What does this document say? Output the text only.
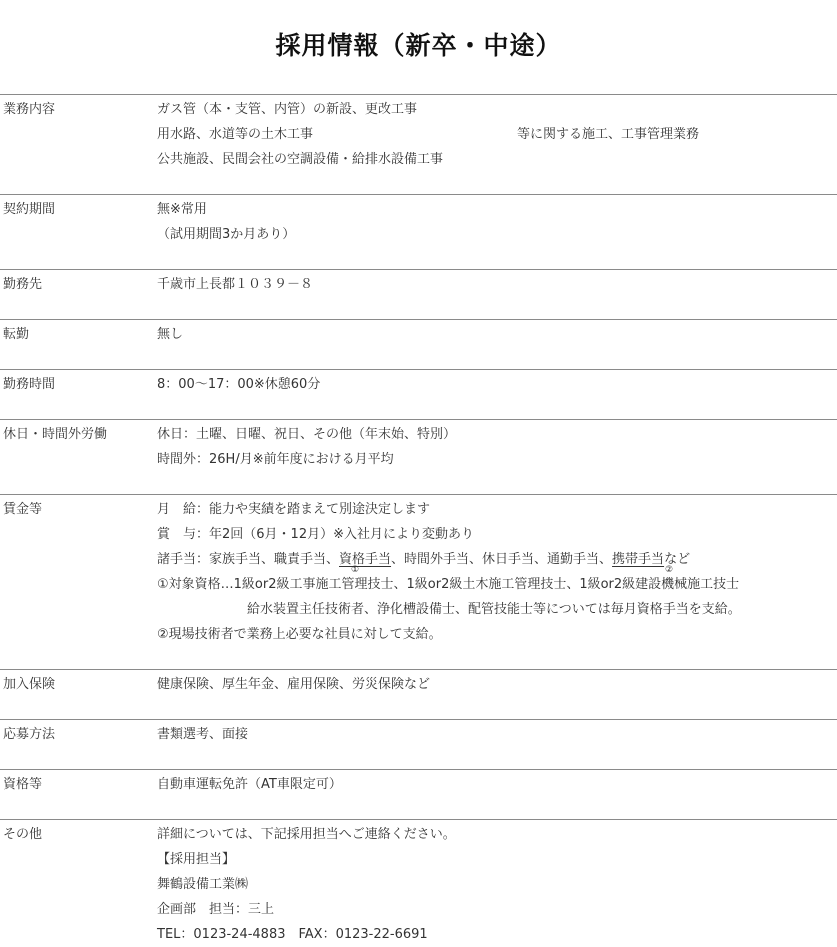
採用情報（新卒・中途）
業務内容	ガス管（本・支管、内管）の新設、更改工事
用水路、水道等の土木工事	等に関する施工、工事管理業務
公共施設、民間会社の空調設備・給排水設備工事
契約期間	無※常用
（試用期間3か月あり）
勤務先	千歳市上長都１０３９－８
転勤	無し
勤務時間	8：00～17：00※休憩60分
休日・時間外労働	休日：土曜、日曜、祝日、その他（年末始、特別）
時間外：26H/月※前年度における月平均
賃金等	月　給：能力や実績を踏まえて別途決定します
賞　与：年2回（6月・12月）※入社月により変動あり
諸手当：家族手当、職責手当、資格手当、時間外手当、休日手当、通勤手当、携帯手当など
①	②
①対象資格…1級or2級工事施工管理技士、1級or2級土木施工管理技士、1級or2級建設機械施工技士
給水装置主任技術者、浄化槽設備士、配管技能士等については毎月資格手当を支給。
②現場技術者で業務上必要な社員に対して支給。
加入保険	健康保険、厚生年金、雇用保険、労災保険など
応募方法	書類選考、面接
資格等	自動車運転免許（AT車限定可）
その他	詳細については、下記採用担当へご連絡ください。
【採用担当】
舞鶴設備工業㈱
企画部　担当：三上
TEL：0123-24-4883　FAX：0123-22-6691
